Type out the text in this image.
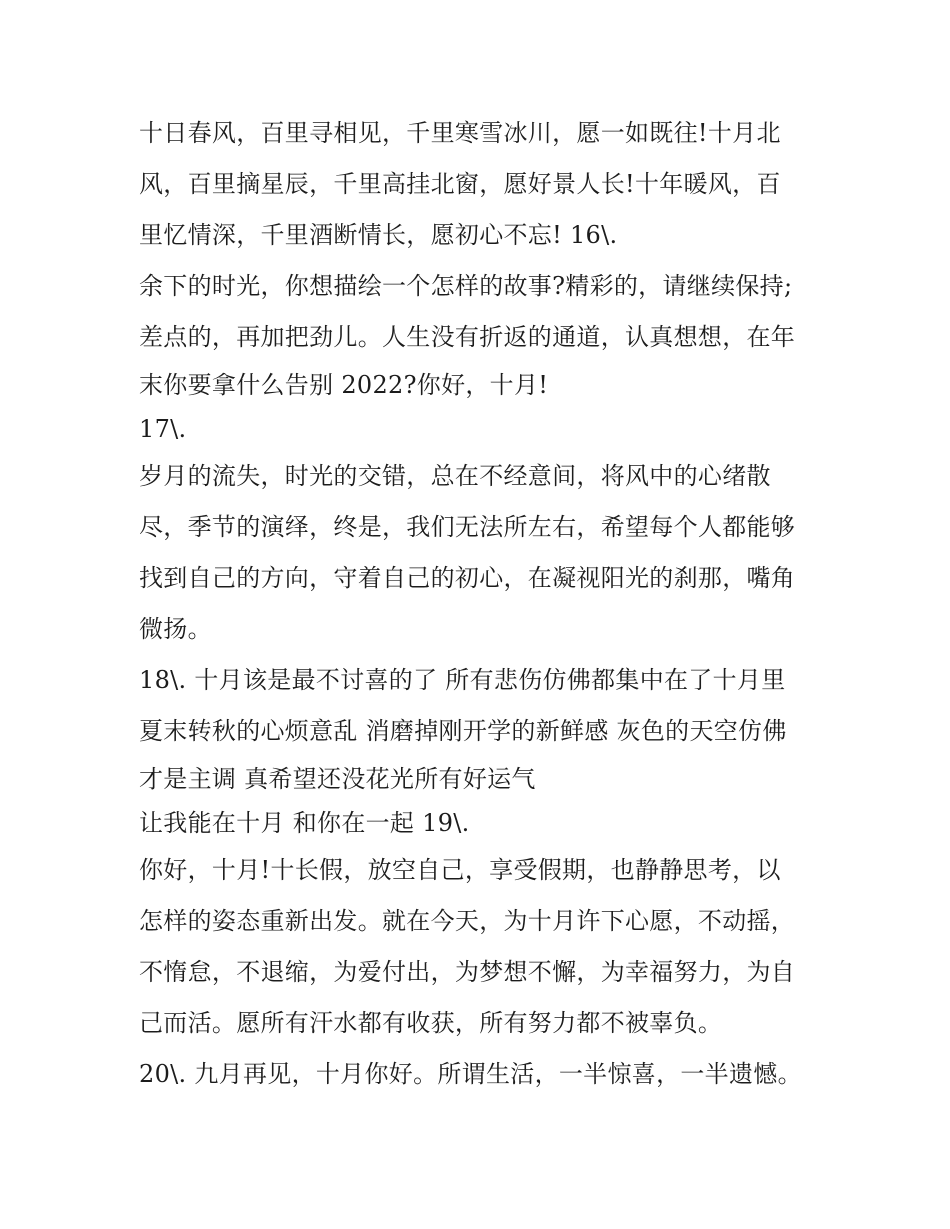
十日春风，百里寻相见，千里寒雪冰川，愿一如既往!十月北
风，百里摘星辰，千里高挂北窗，愿好景人长!十年暖风，百
里忆情深，千里酒断情长，愿初心不忘! 16\.
余下的时光，你想描绘一个怎样的故事?精彩的，请继续保持;
差点的，再加把劲儿。人生没有折返的通道，认真想想，在年
末你要拿什么告别 2022?你好，十月!
17\.
岁月的流失，时光的交错，总在不经意间，将风中的心绪散
尽，季节的演绎，终是，我们无法所左右，希望每个人都能够
找到自己的方向，守着自己的初心，在凝视阳光的刹那，嘴角
微扬。
18\. 十月该是最不讨喜的了 所有悲伤仿佛都集中在了十月里
夏末转秋的心烦意乱 消磨掉刚开学的新鲜感 灰色的天空仿佛
才是主调 真希望还没花光所有好运气
让我能在十月 和你在一起 19\.
你好，十月!十长假，放空自己，享受假期，也静静思考，以
怎样的姿态重新出发。就在今天，为十月许下心愿，不动摇，
不惰怠，不退缩，为爱付出，为梦想不懈，为幸福努力，为自
己而活。愿所有汗水都有收获，所有努力都不被辜负。
20\. 九月再见，十月你好。所谓生活，一半惊喜，一半遗憾。
